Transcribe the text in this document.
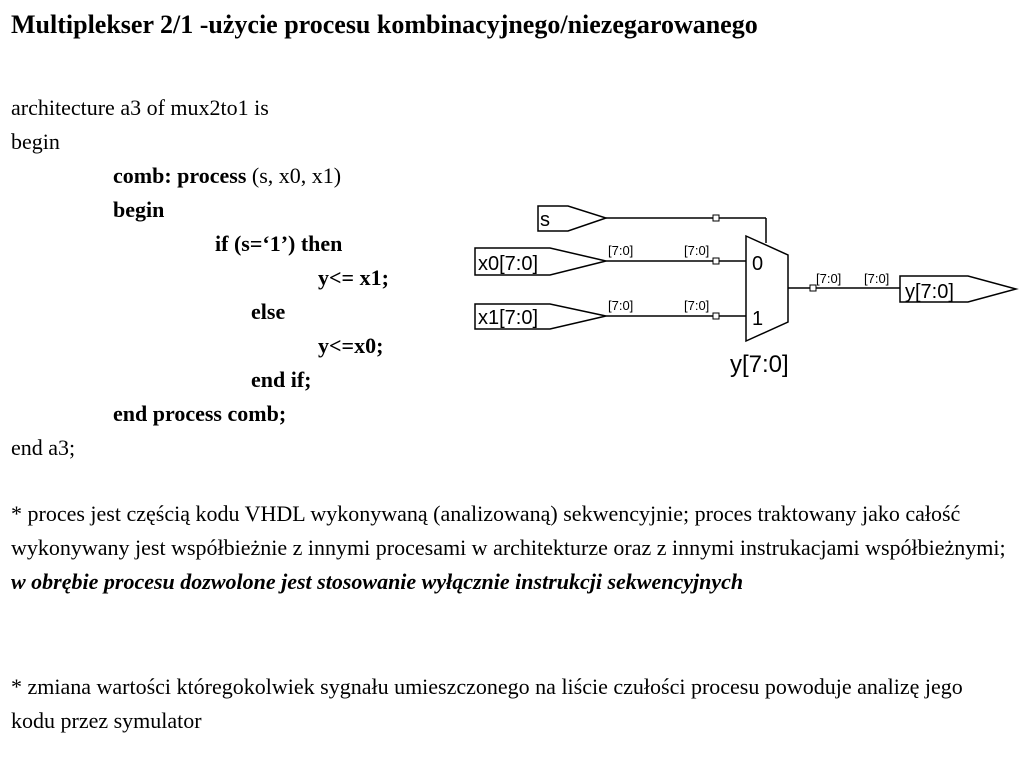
Multiplekser 2/1 -użycie procesu kombinacyjnego/niezegarowanego
architecture a3 of mux2to1 is
begin
comb: process (s, x0, x1)
begin
if (s=‘1’) then
y<= x1;
else
y<=x0;
end if;
end process comb;
end a3;
s
x0[7:0]
x1[7:0]
[7:0]	[7:0]
[7:0]	[7:0]
[7:0] [7:0]
0
1
y[7:0]
y[7:0]
* proces jest częścią kodu VHDL wykonywaną (analizowaną) sekwencyjnie; proces traktowany jako całość wykonywany jest współbieżnie z innymi procesami w architekturze oraz z innymi instrukacjami współbieżnymi; w obrębie procesu dozwolone jest stosowanie wyłącznie instrukcji sekwencyjnych
* zmiana wartości któregokolwiek sygnału umieszczonego na liście czułości procesu powoduje analizę jego kodu przez symulator
